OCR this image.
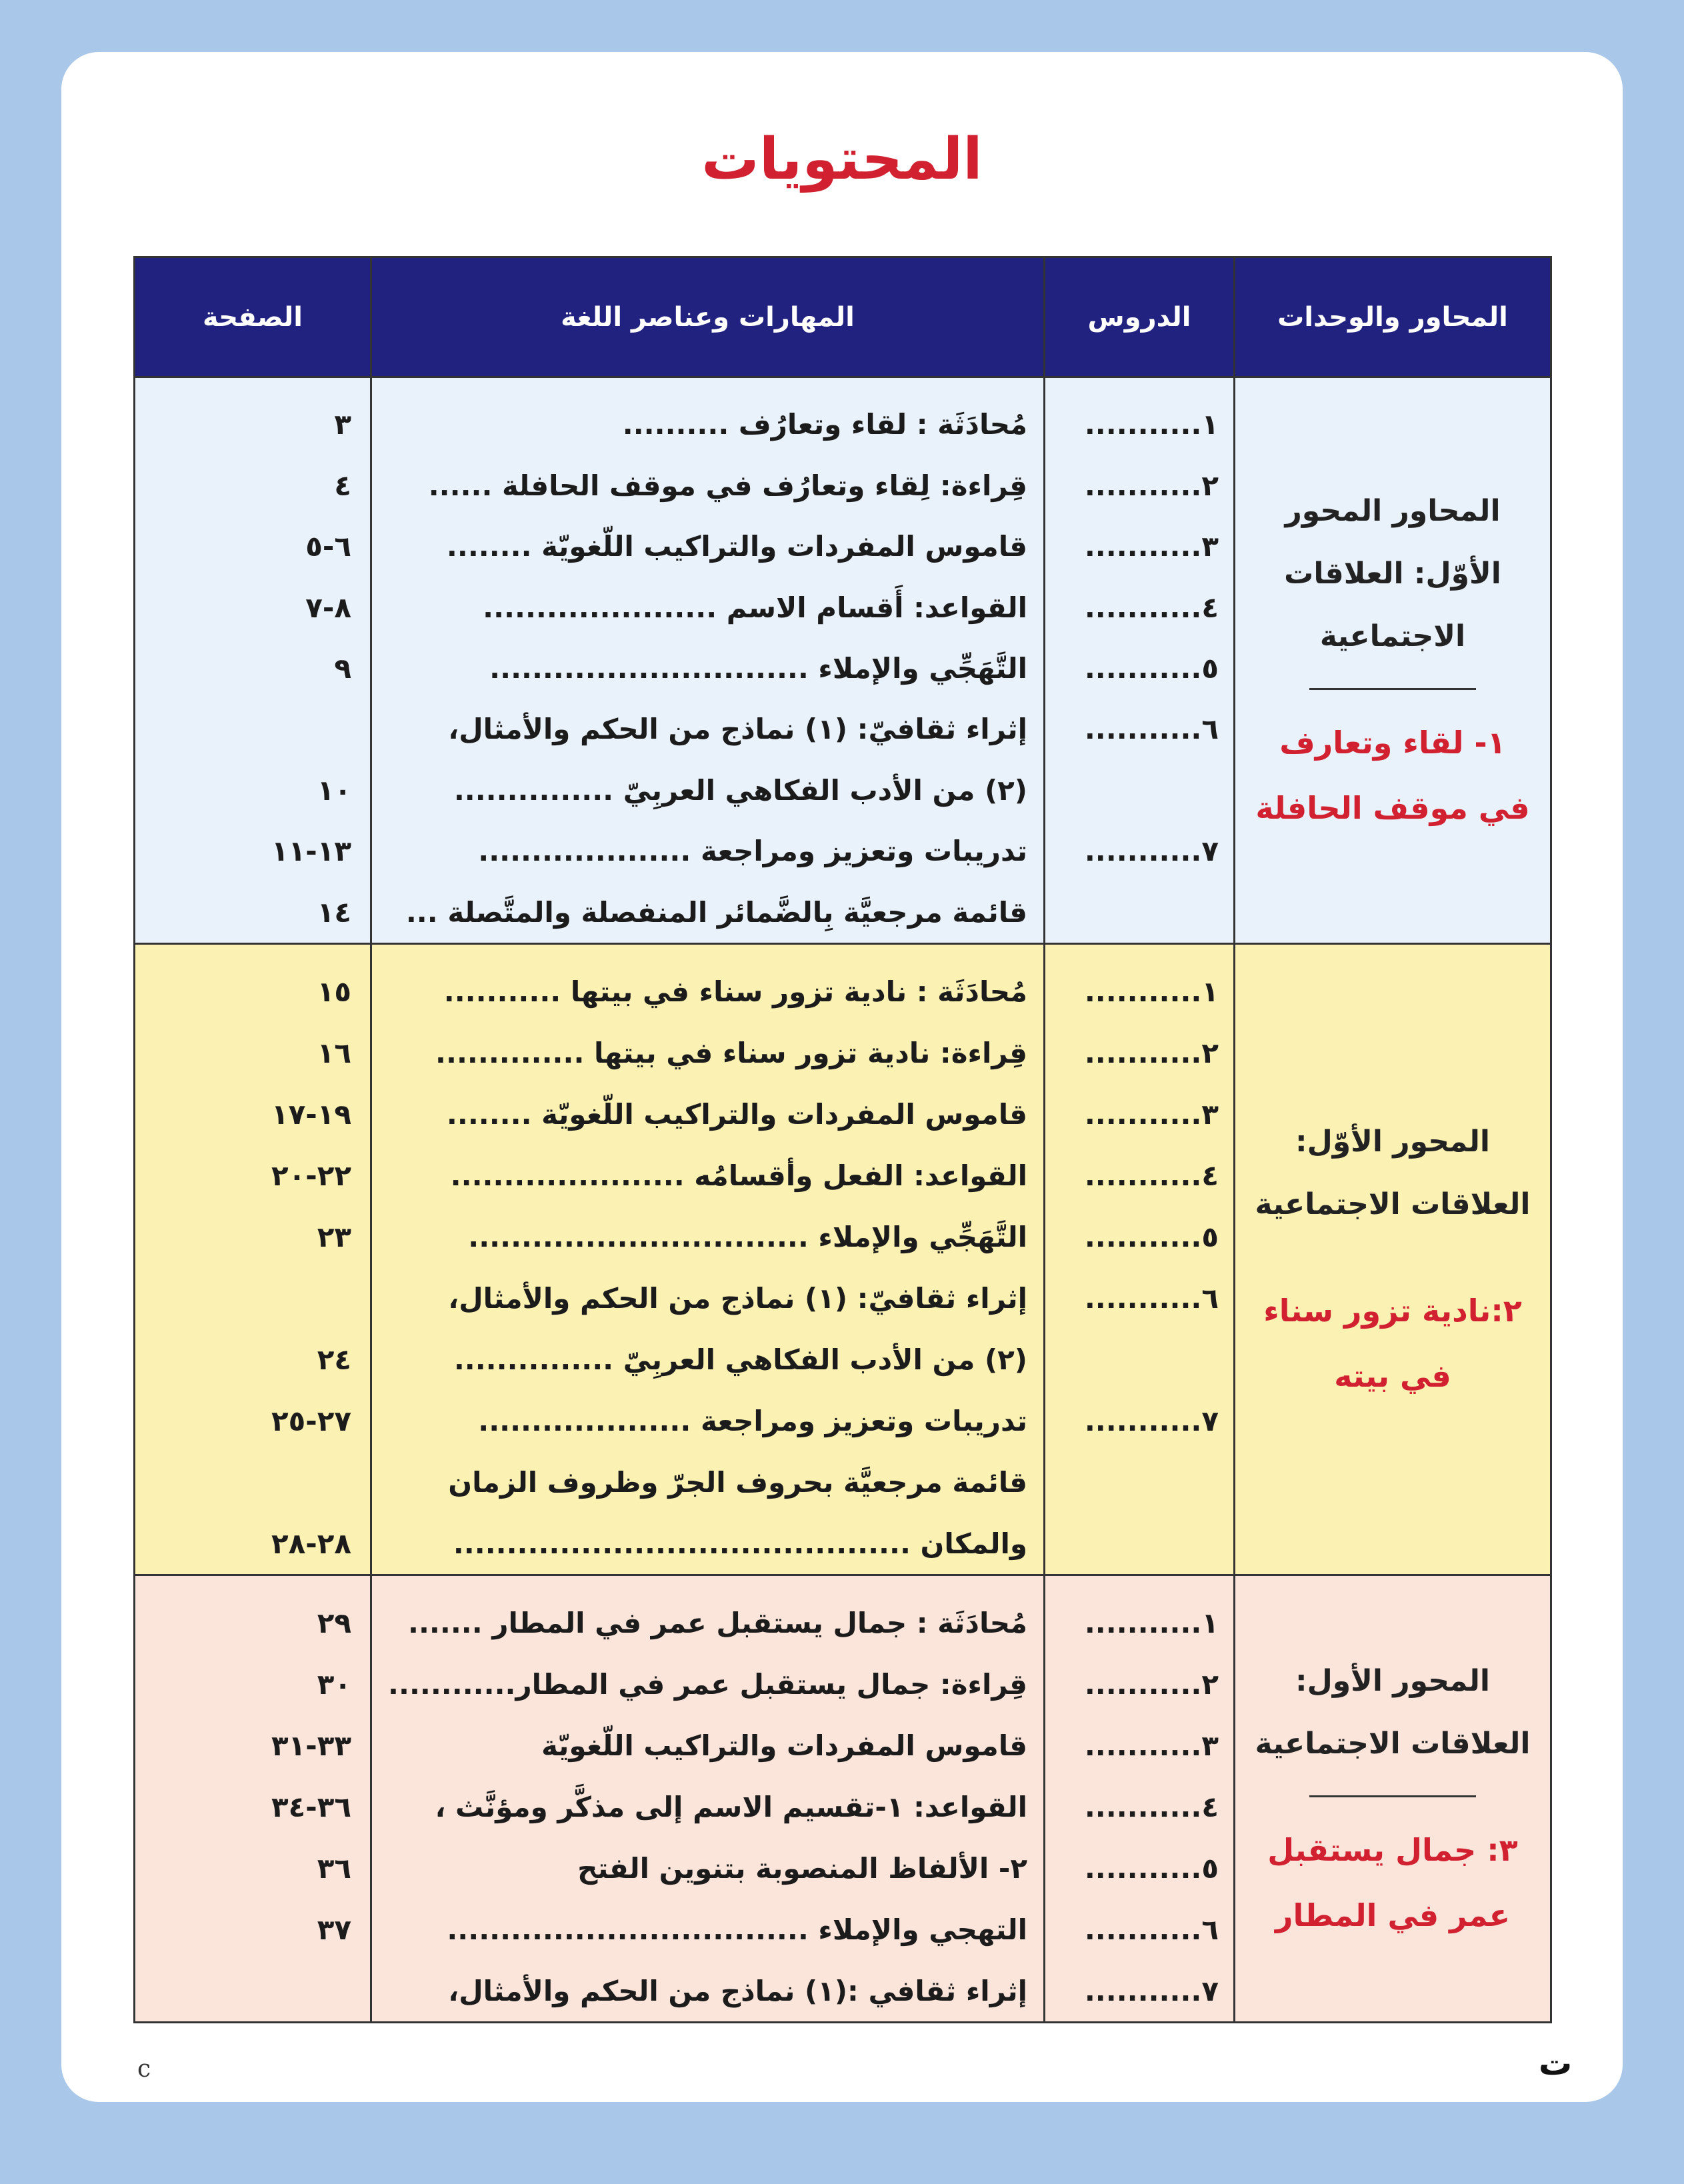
المحتويات
المحاور والوحدات
الدروس
المهارات وعناصر اللغة
الصفحة
المحاور المحور الأوّل: العلاقات الاجتماعية
١- لقاء وتعارف في موقف الحافلة
١...........
٢...........
٣...........
٤...........
٥...........
٦...........
٧...........
مُحادَثَة : لقاء وتعارُف ..........
قِراءة: لِقاء وتعارُف في موقف الحافلة ......
قاموس المفردات والتراكيب اللّغويّة ........
القواعد: أَقسام الاسم ......................
التَّهَجِّي والإملاء ..............................
إثراء ثقافيّ: (١) نماذج من الحكم والأمثال،
(٢) من الأدب الفكاهي العربِيّ ...............
تدريبات وتعزيز ومراجعة ....................
قائمة مرجعيَّة بِالضَّمائر المنفصلة والمتَّصلة ...
٣
٤
٦-٥
٨-٧
٩
١٠
١٣-١١
١٤
المحور الأوّل: العلاقات الاجتماعية
٢:نادية تزور سناء في بيته
١...........
٢...........
٣...........
٤...........
٥...........
٦...........
٧...........
مُحادَثَة : نادية تزور سناء في بيتها ...........
قِراءة: نادية تزور سناء في بيتها ..............
قاموس المفردات والتراكيب اللّغويّة ........
القواعد: الفعل وأقسامُه ......................
التَّهَجِّي والإملاء ................................
إثراء ثقافيّ: (١) نماذج من الحكم والأمثال،
(٢) من الأدب الفكاهي العربِيّ ...............
تدريبات وتعزيز ومراجعة ....................
قائمة مرجعيَّة بحروف الجرّ وظروف الزمان
والمكان ...........................................
١٥
١٦
١٩-١٧
٢٢-٢٠
٢٣
٢٤
٢٧-٢٥
٢٨-٢٨
المحور الأول: العلاقات الاجتماعية
٣: جمال يستقبل عمر في المطار
١...........
٢...........
٣...........
٤...........
٥...........
٦...........
٧...........
مُحادَثَة : جمال يستقبل عمر في المطار .......
قِراءة: جمال يستقبل عمر في المطار............
قاموس المفردات والتراكيب اللّغويّة
القواعد: ١-تقسيم الاسم إلى مذكَّر ومؤنَّث ،
٢- الألفاظ المنصوبة بتنوين الفتح
التهجي والإملاء ..................................
إثراء ثقافي :(١) نماذج من الحكم والأمثال،
٢٩
٣٠
٣٣-٣١
٣٦-٣٤
٣٦
٣٧
c	ت
